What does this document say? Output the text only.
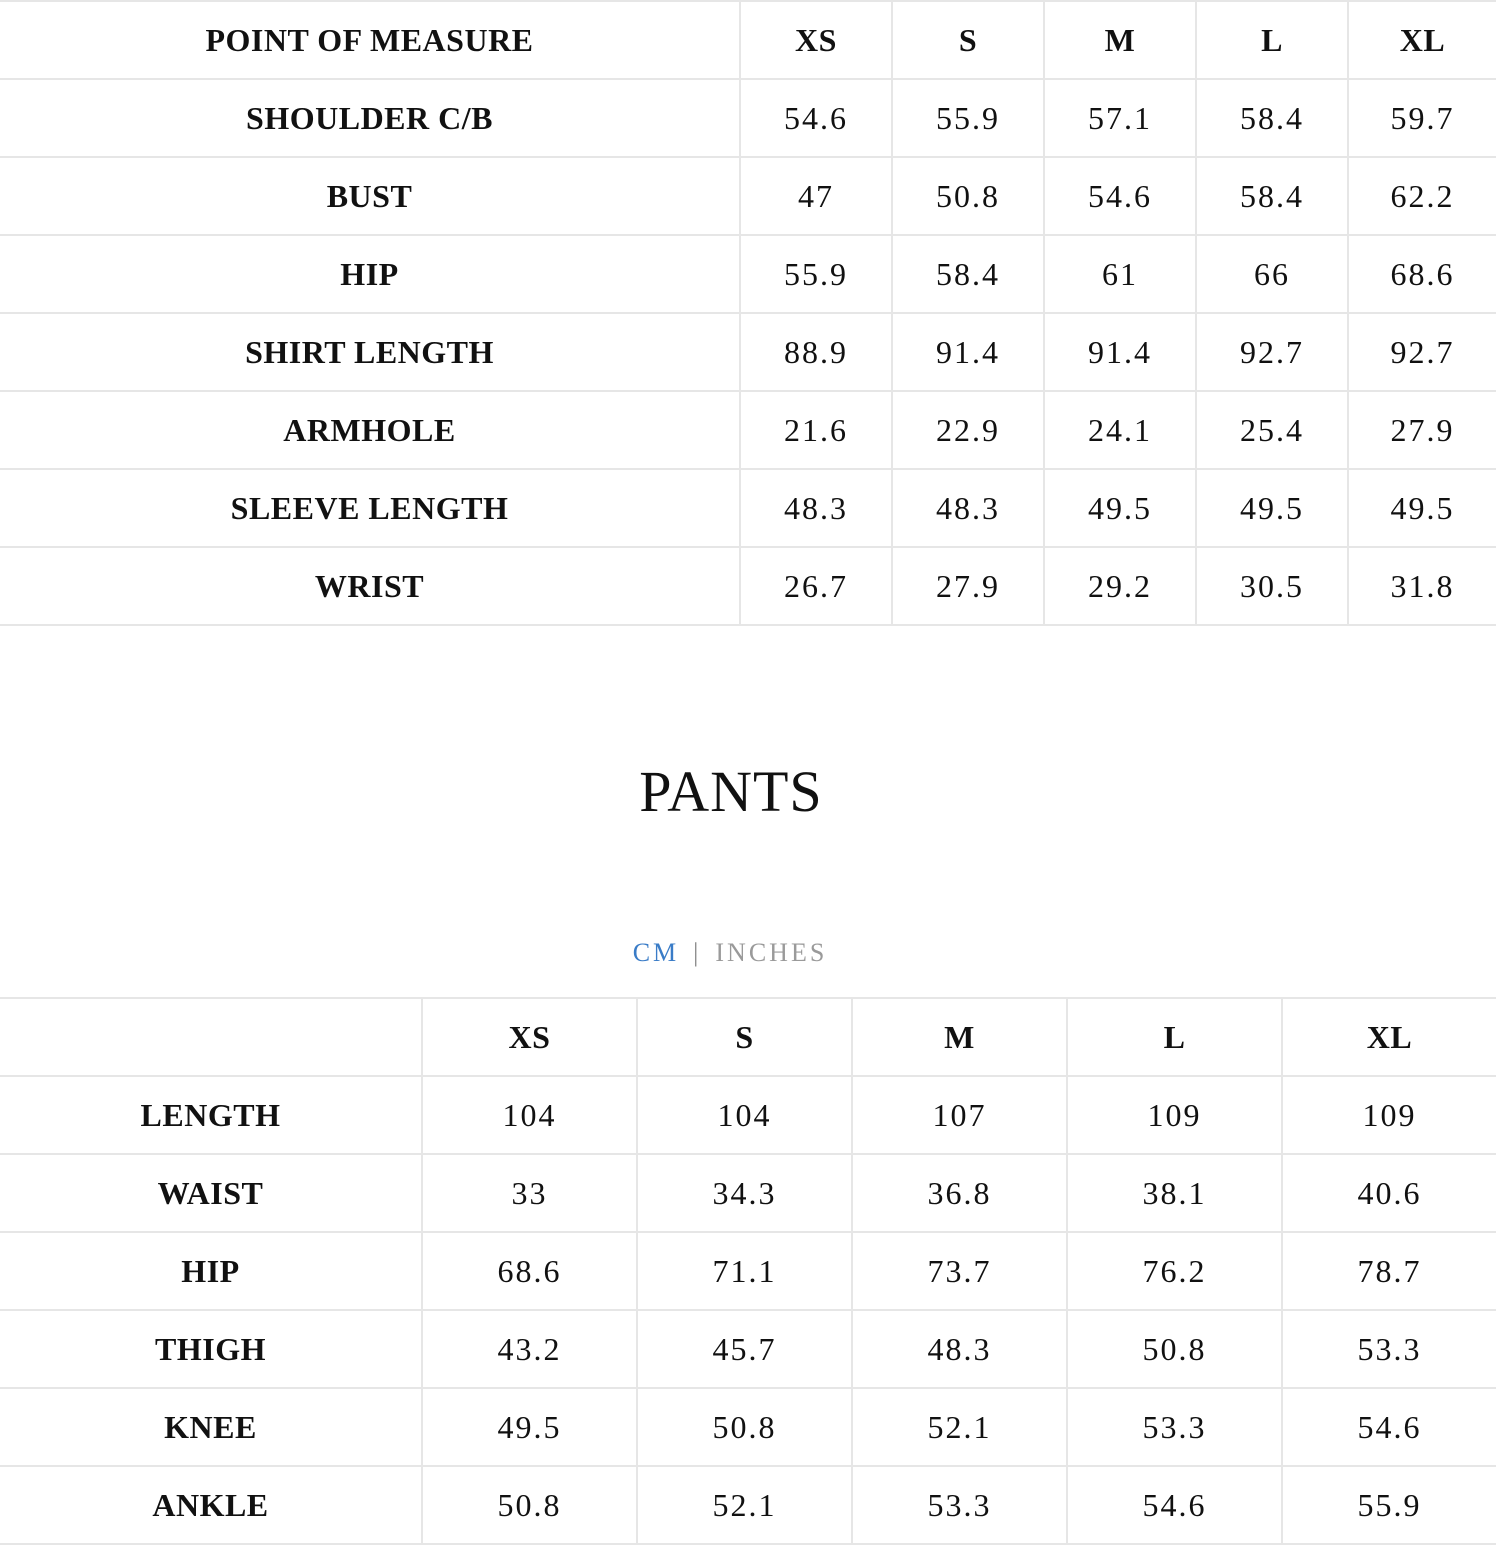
POINT OF MEASURE	XS	S	M	L	XL
SHOULDER C/B	54.6	55.9	57.1	58.4	59.7
BUST	47	50.8	54.6	58.4	62.2
HIP	55.9	58.4	61	66	68.6
SHIRT LENGTH	88.9	91.4	91.4	92.7	92.7
ARMHOLE	21.6	22.9	24.1	25.4	27.9
SLEEVE LENGTH	48.3	48.3	49.5	49.5	49.5
WRIST	26.7	27.9	29.2	30.5	31.8
PANTS
CM | INCHES
	XS	S	M	L	XL
LENGTH	104	104	107	109	109
WAIST	33	34.3	36.8	38.1	40.6
HIP	68.6	71.1	73.7	76.2	78.7
THIGH	43.2	45.7	48.3	50.8	53.3
KNEE	49.5	50.8	52.1	53.3	54.6
ANKLE	50.8	52.1	53.3	54.6	55.9
